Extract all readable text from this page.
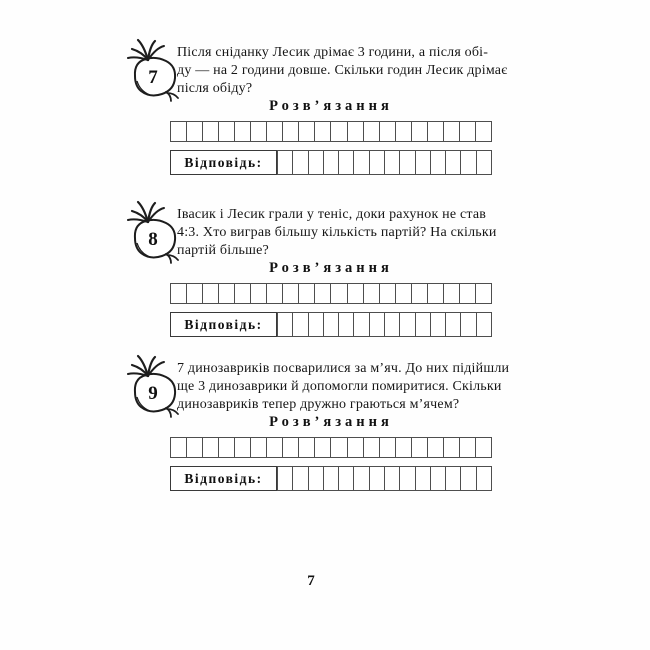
7
Після сніданку Лесик дрімає 3 години, а після обі-
ду — на 2 години довше. Скільки годин Лесик дрімає
після обіду?
Розв’язання
Відповідь:
8
Івасик і Лесик грали у теніс, доки рахунок не став
4:3. Хто виграв більшу кількість партій? На скільки
партій більше?
Розв’язання
Відповідь:
9
7 динозавриків посварилися за м’яч. До них підійшли
ще 3 динозаврики й допомогли помиритися. Скільки
динозавриків тепер дружно граються м’ячем?
Розв’язання
Відповідь:
7
